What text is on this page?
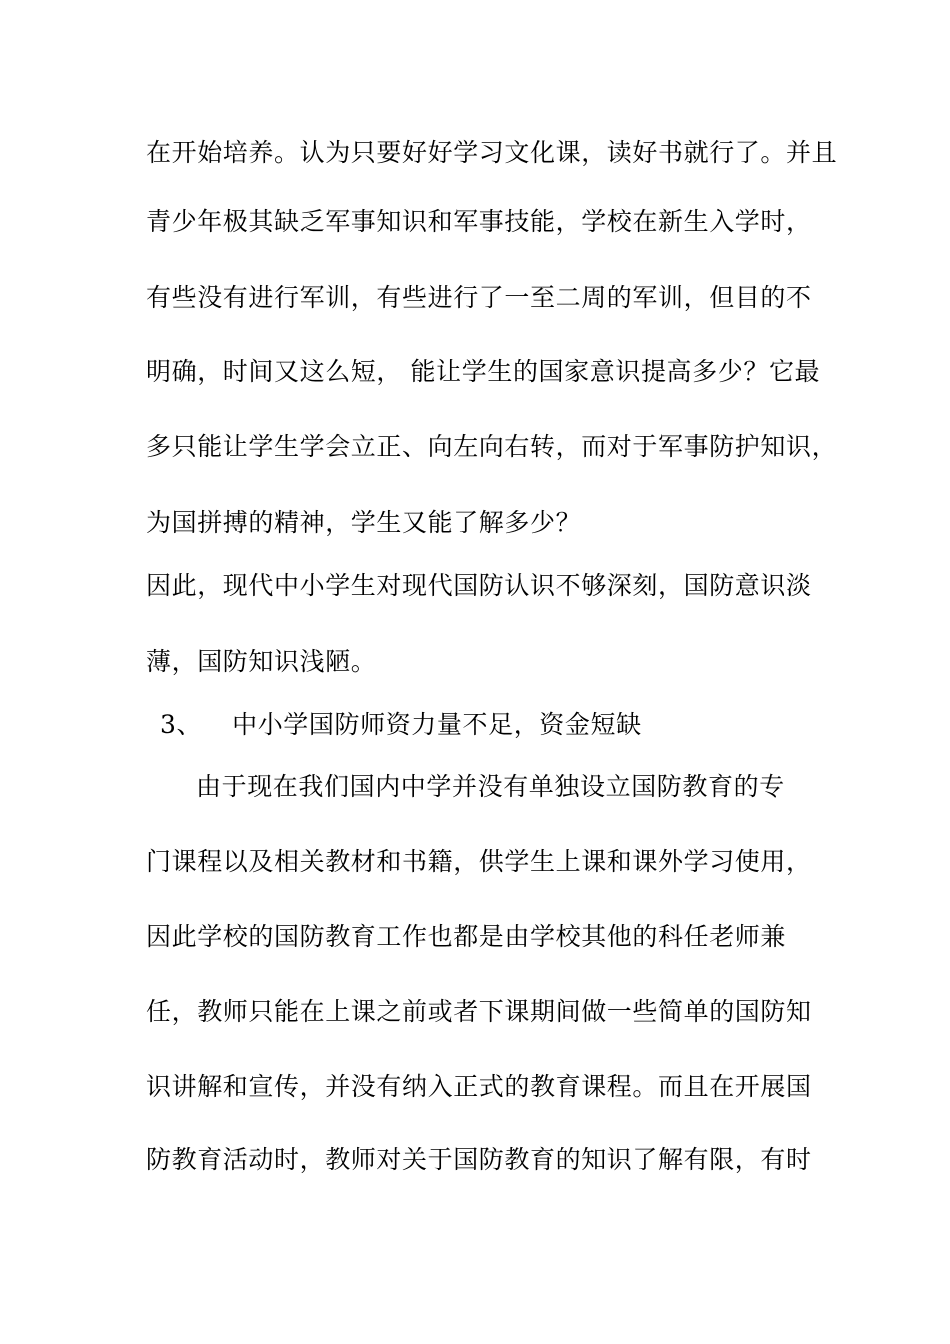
在开始培养。认为只要好好学习文化课，读好书就行了。并且
青少年极其缺乏军事知识和军事技能，学校在新生入学时，
有些没有进行军训，有些进行了一至二周的军训，但目的不
明确，时间又这么短， 能让学生的国家意识提高多少？它最
多只能让学生学会立正、向左向右转，而对于军事防护知识，
为国拼搏的精神，学生又能了解多少？
因此，现代中小学生对现代国防认识不够深刻，国防意识淡
薄，国防知识浅陋。
3、 中小学国防师资力量不足，资金短缺
由于现在我们国内中学并没有单独设立国防教育的专
门课程以及相关教材和书籍，供学生上课和课外学习使用，
因此学校的国防教育工作也都是由学校其他的科任老师兼
任，教师只能在上课之前或者下课期间做一些简单的国防知
识讲解和宣传，并没有纳入正式的教育课程。而且在开展国
防教育活动时，教师对关于国防教育的知识了解有限，有时
